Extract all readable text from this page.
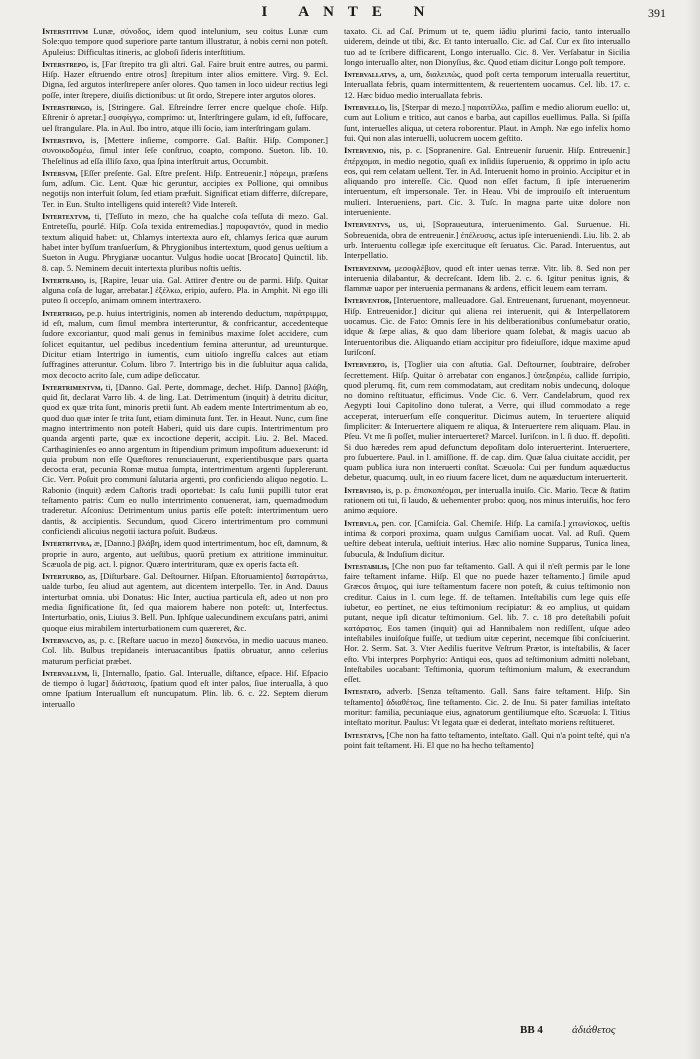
I ANTE N	391

Interstitivm Lunæ, σύνοδος, idem quod intelunium, seu coitus Lunæ cum Sole:quo tempore quod superiore parte tantum illustratur, à nobis cerni non poteſt. Apuleius: Difficultas itineris, ac globoſi ſideris interſtitium.

Interstrepo, is, [Far ſtrepito tra gli altri. Gal. Faire bruit entre autres, ou parmi. Hiſp. Hazer eſtruendo entre otros] ſtrepitum inter alios emittere. Virg. 9. Ecl. Digna, ſed argutos interſtrepere anſer olores. Quo tamen in loco uideur rectius legi poſſe, inter ſtrepere, diuiſis dictionibus: ut ſit ordo, Strepere inter argutos olores.

Interstringo, is, [Stringere. Gal. Eſtreindre ſerrer encre quelque choſe. Hiſp. Eſtrenir ò apretar.] συσφίγγω, comprimo: ut, Interſtringere gulam, id eſt, ſuffocare, uel ſtrangulare. Pla. in Aul. Ibo intro, atque illi ſocio, iam interſtringam gulam.

Interstrvo, is, [Mettere inſieme, comporre. Gal. Baſtir. Hiſp. Componer.] συνοικοδομέω, ſimul inter ſeſe conſtruo, coapto, compono. Sueton. lib. 10. Theſelinus ad eſſa illiſo ſaxo, qua ſpina interſtruit artus, Occumbit.

Intersvm, [Eſſer preſente. Gal. Eſtre preſent. Hiſp. Entreuenir.] πάρειμι, præſens ſum, adſum. Cic. Lent. Quæ hic geruntur, accipies ex Pollione, qui omnibus negotijs non interfuit ſolum, ſed etiam præfuit. Significat etiam differre, diſcrepare, Ter. in Eun. Stulto intelligens quid intereſt? Vide Intereſt.

Intertextvm, ti, [Teſſuto in mezo, che ha qualche coſa teſſuta di mezo. Gal. Entreteſſu, pourlé. Hiſp. Coſa texida entremedias.] παρυφαντόν, quod in medio textum aliquid habet: ut, Chlamys intertexta auro eſt, chlamys ſerica quæ aurum habet inter byſſum tranſuerſum, & Phrygionibus intertextum, quod genus ueſtium a Sueton in Augu. Phrygianæ uocantur. Vulgus hodie uocat [Brocato] Quinctil. lib. 8. cap. 5. Neminem decuit intertexta pluribus noſtis ueſtis.

Intertraho, is, [Rapire, leuar uia. Gal. Attirer d'entre ou de parmi. Hiſp. Quitar alguna coſa de lugar, arrebatar.] ἐξέλκω, eripio, aufero. Pla. in Amphit. Ni ego illi puteo ſi occepſo, animam omnem intertraxero.

Intertrigo, pe.p. huius intertriginis, nomen ab interendo deductum, παράτριμμα, id eſt, malum, cum ſimul membra interteruntur, & confricantur, accedenteque ſudore excoriantur, quod mali genus in feminibus maxime ſolet accidere, cum ſolicet equitantur, uel pedibus incedentium femina atteruntur, ad ureunturque. Dicitur etiam Intertrigo in iumentis, cum uitioſo ingreſſu calces aut etiam ſuffragines atteruntur. Colum. libro 7. Intertrigo bis in die ſubluitur aqua calida, mox decocto acrito ſale, cum adipe deſiccatur.

Intertrimentvm, ti, [Danno. Gal. Perte, dommage, dechet. Hiſp. Danno] βλάβη, quid ſit, declarat Varro lib. 4. de ling. Lat. Detrimentum (inquit) à detritu dicitur, quod ex quæ trita ſunt, minoris pretii ſunt. Ab eadem mente Intertrimentum ab eo, quod duo quæ inter ſe trita ſunt, etiam diminuta ſunt. Ter. in Heaut. Nunc, cum ſine magno intertrimento non poteſt Haberi, quid uis dare cupis. Intertrimentum pro quanda argenti parte, quæ ex incoctione deperit, accipit. Liu. 2. Bel. Maced. Carthaginienſes eo anno argentum in ſtipendium primum impoſitum aduexerunt: id quia probum non eſſe Quæſtores renunciauerunt, experientibusque pars quarta decocta erat, pecunia Romæ mutua ſumpta, intertrimentum argenti ſupplererunt. Cic. Verr. Poſuit pro communi ſalutaria argenti, pro conficiendo aliquo negotio. L. Rabonio (inquit) ædem Caſtoris tradi oportebat: Is caſu Iunii pupilli tutor erat teſtamento patris: Cum eo nullo intertrimento conuenerat, iam, quemadmodum traderetur. Aſconius: Detrimentum unius partis eſſe poteſt: intertrimentum uero dantis, & accipientis. Secundum, quod Cicero intertrimentum pro communi conficiendi alicuius negotii iactura poſuit. Budæus.

Intertritvra, æ, [Danno.] βλάβη, idem quod intertrimentum, hoc eſt, damnum, & proprie in auro, argento, aut ueſtibus, quorū pretium ex attritione imminuitur. Scæuola de pig. act. l. pignor. Quæro intertrituram, quæ ex operis facta eſt.

Interturbo, as, [Diſturbare. Gal. Deſtourner. Hiſpan. Eſtoruamiento] διαταράττω, ualde turbo, ſeu aliud aut agentem, aut dicentem interpello. Ter. in And. Dauus interturbat omnia. ubi Donatus: Hic Inter, auctiua particula eſt, adeo ut non pro media ſignificatione ſit, ſed qua maiorem habere non poteſt: ut, Interfectus. Interturbatio, onis, Liuius 3. Bell. Pun. Iphſque ualecundinem excuſans patri, animi quoque eius mirabilem interturbationem cum quæreret, &c.

Intervacvo, as, p. c. [Reſtare uacuo in mezo] διακενόω, in medio uacuus maneo. Col. lib. Bulbus trepidaneis interuacantibus ſpatiis obruatur, anno celerius maturum perficiat præbet.

Intervallvm, li, [Internallo, ſpatio. Gal. Interualle, diſtance, eſpace. Hiſ. Eſpacio de tiempo ò lugar] διάστασις, ſpatium quod eſt inter palos, ſiue interualla, à quo omne ſpatium Interuallum eſt nuncupatum. Plin. lib. 6. c. 22. Septem dierum interuallo

taxato. Ci. ad Caſ. Primum ut te, quem iādiu plurimi facio, tanto interuallo uiderem, deinde ut tibi, &c. Et tanto interuallo. Cic. ad Caſ. Cur ex ſito interuallo tuo ad te ſcribere difficarent, Longo interuallo. Cic. 8. Ver. Verſabatur in Sicilia longo interuallo alter, non Dionyſius, &c. Quod etiam dicitur Longo poſt tempore.

Intervallatvs, a, um, διαλειπὼς, quod poſt certa temporum interualla reuertitur, Interuallata febris, quam intermittentem, & reuertentem uocamus. Cel. lib. 17. c. 12. Hæc biduo medio interuallata febris.

Intervello, lis, [Sterpar di mezo.] παραιτίλλω, paſſim e medio aliorum euello: ut, cum aut Lolium e tritico, aut canos e barba, aut capillos euellimus. Palla. Si ſpiſſa ſunt, interuelles aliqua, ut cetera roborentur. Plaut. in Amph. Næ ego infelix homo fui. Qui non alas interuelli, uolucrem uocem geſtito.

Intervenio, nis, p. c. [Sopranenire. Gal. Entreuenir ſuruenir. Hiſp. Entreuenir.] ἐπέρχομαι, in medio negotio, quaſi ex inſidiis ſuperuenio, & opprimo in ipſo actu eos, qui rem celatam uellent. Ter. in Ad. Interuenit homo in proinio. Accipitur et in aliquando pro intereſſe. Cic. Quod non eſſet factum, ſi ipſe interuenerim interuentum, eſt impersonale. Ter. in Heau. Vbi de improuiſo eſt interuentum mulieri. Interueniens, part. Cic. 3. Tuſc. In magna parte uitæ dolore non interueniente.

Interventvs, us, ui, [Sopraueutura, interuenimento. Gal. Suruenue. Hi. Sobreuenida, obra de entreuenir.] ἐπέλευσις, actus ipſe interueniendi. Liu. lib. 2. ab urb. Interuentu collegæ ipſe exercituque eſt ſeruatus. Cic. Parad. Interuentus, aut Interpellatio.

Intervenivm, μεσοφλέβιον, quod eſt inter uenas terræ. Vitr. lib. 8. Sed non per interuenia dilabantur, & decreſcant. Idem lib. 2. c. 6. Igitur penitus ignis, & flammæ uapor per interuenia permanans & ardens, efficit leuem eam terram.

Interventor, [Interuentore, malleuadore. Gal. Entreuenant, ſuruenant, moyenneur. Hiſp. Entreuenidor.] dicitur qui aliena rei interuenit, qui & Interpellatorem uocamus. Cic. de Fato: Omnis ſere in his deliberationibus conſumebatur oratio, idque & ſæpe alias, & quo dam liberiore quam ſolebat, & magis uacuo ab Interuentoribus die. Aliquando etiam accipitur pro fideiuſſore, idque maxime apud Iuriſconſ.

Interverto, is, [Toglier uia con aſtutia. Gal. Deſtourner, ſoubtraire, deſrober ſecrettement. Hiſp. Quitar ò arrebatar con enganos.] ὑπεξαιρέω, callide ſurripio, quod plerumq. fit, cum rem commodatam, aut creditam nobis undecunq, doloque no domino reſtituatur, efficimus. Vnde Cic. 6. Verr. Candelabrum, quod rex Aegypti Ioui Capitolino dono tulerat, a Verre, qui illud commodato a rege acceperat, interuerſum eſſe conqueritur. Dicimus autem, In teruertere aliquid ſimpliciter: & Interuertere aliquem re aliqua, & Interuertere rem aliquam. Plau. in Pſeu. Vt me ſi poſſet, mulier interuerteret? Marcel. Iuriſcon. in l. ſi duo. ff. depoſiti. Si duo hæredes rem apud defunctum depoſitam dolo interuerterint. Interuertere, pro ſubuertere. Paul. in l. amiſſione. ff. de cap. dim. Quæ ſalua ciuitate accidit, per quam publica iura non interuerti conſtat. Scæuola: Cui per fundum aquæductus debetur, quacumq. uult, in eo riuum facere licet, dum ne aquæductum interuerterit.

Intervisio, is, p. p. ἐπισκοπέομαι, per interualla inuiſo. Cic. Mario. Tecæ & ſtatim rationem oti tui, ſi laudo, & uehementer probo: quoq, nos minus interuiſis, hoc fero animo æquiore.

Intervla, pen. cor. [Camiſcia. Gal. Chemiſe. Hiſp. La camiſa.] χιτωνίσκος, ueſtis intima & corpori proxima, quam uulgus Camiſiam uocat. Val. ad Ruſi. Quem ueſtire debeat interula, ueſtiuit interius. Hæc alio nomine Supparus, Tunica linea, ſubucula, & Induſium dicitur.

Intestabilis, [Che non puo far teſtamento. Gall. A qui il n'eſt permis par le lone faire teſtament infame. Hiſp. El que no puede hazer teſtamento.] ſimile apud Græcos ἄτιμος, qui iure teſtamentum facere non poteſt, & cuius teſtimonio non creditur. Caius in l. cum lege. ff. de teſtamen. Inteſtabilis cum lege quis eſſe iubetur, eo pertinet, ne eius teſtimonium recipiatur: & eo amplius, ut quidam putant, neque ipſi dicatur teſtimonium. Gel. lib. 7. c. 18 pro deteſtabili poſuit κατάρατος. Eos tamen (inquit) qui ad Hannibalem non rediſſent, uſque adeo inteſtabiles inuiſoſque fuiſſe, ut tædium uitæ ceperint, necemque ſibi conſciuerint. Hor. 2. Serm. Sat. 3. Vter Aedilis fueritve Veſtrum Prætor, is inteſtabilis, & ſacer eſto. Vbi interpres Porphyrio: Antiqui eos, quos ad teſtimonium admitti nolebant, Inteſtabiles uocabant: Teſtimonia, quorum teſtimonium malum, & execrandum eſſet.

Intestato, adverb. [Senza teſtamento. Gall. Sans faire teſtament. Hiſp. Sin teſtamento] ἀδιαθέτως, ſine teſtamento. Cic. 2. de Inu. Si pater familias inteſtato moritur: familia, pecuniaque eius, agnatorum gentiliumque eſto. Scæuola: I. Titius inteſtato moritur. Paulus: Vt legata quæ ei dederat, inteſtato moriens reſtitueret.

Intestatvs, [Che non ha fatto teſtamento, inteſtato. Gall. Qui n'a point teſté, qui n'a point fait teſtament. Hi. El que no ha hecho teſtamento]

BB 4	ἀδιάθετος
